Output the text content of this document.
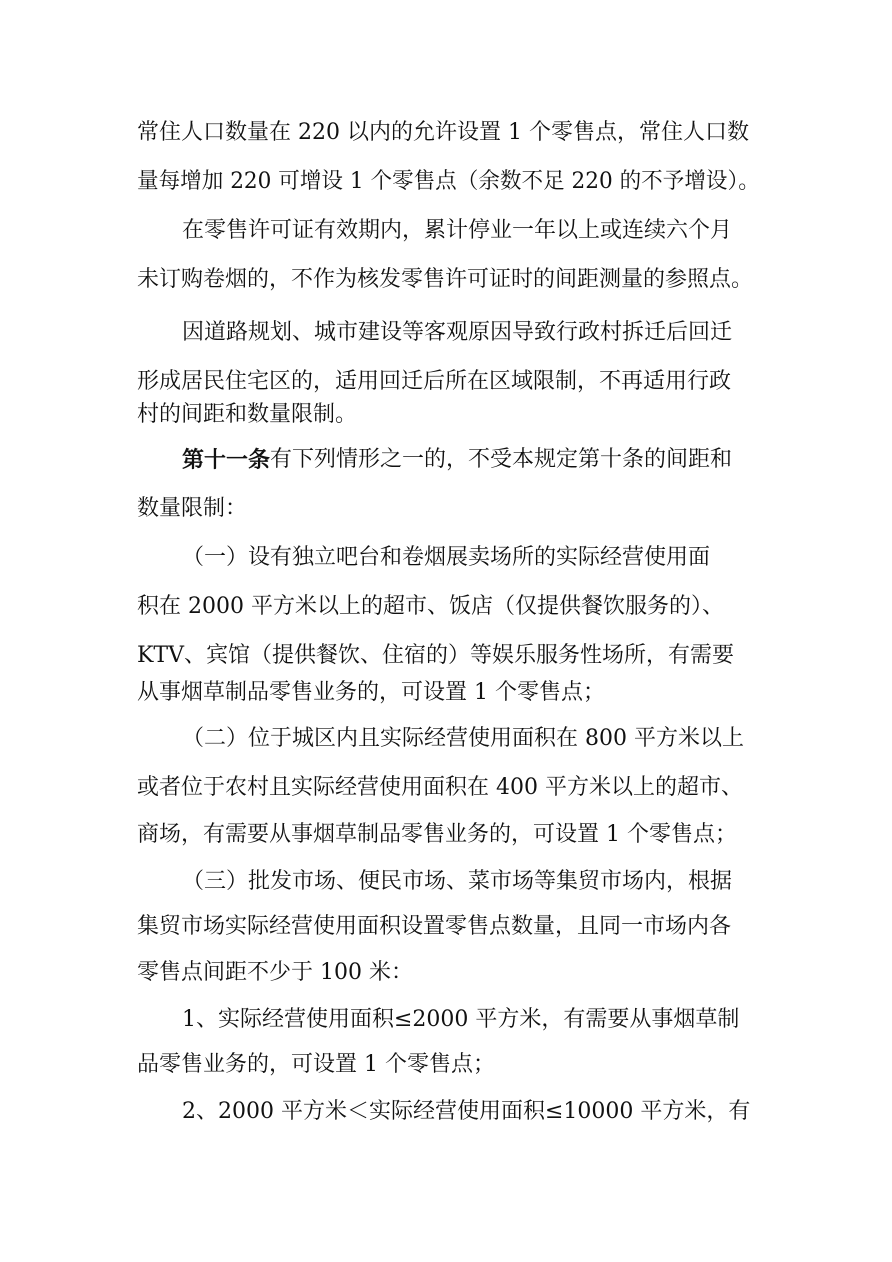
常住人口数量在 220 以内的允许设置 1 个零售点，常住人口数
量每增加 220 可增设 1 个零售点（余数不足 220 的不予增设）。
在零售许可证有效期内，累计停业一年以上或连续六个月
未订购卷烟的，不作为核发零售许可证时的间距测量的参照点。
因道路规划、城市建设等客观原因导致行政村拆迁后回迁
形成居民住宅区的，适用回迁后所在区域限制，不再适用行政
村的间距和数量限制。
第十一条 有下列情形之一的，不受本规定第十条的间距和
数量限制：
（一）设有独立吧台和卷烟展卖场所的实际经营使用面
积在 2000 平方米以上的超市、饭店（仅提供餐饮服务的）、
KTV、宾馆（提供餐饮、住宿的）等娱乐服务性场所，有需要
从事烟草制品零售业务的，可设置 1 个零售点；
（二）位于城区内且实际经营使用面积在 800 平方米以上
或者位于农村且实际经营使用面积在 400 平方米以上的超市、
商场，有需要从事烟草制品零售业务的，可设置 1 个零售点；
（三）批发市场、便民市场、菜市场等集贸市场内，根据
集贸市场实际经营使用面积设置零售点数量，且同一市场内各
零售点间距不少于 100 米：
1、实际经营使用面积≤2000 平方米，有需要从事烟草制
品零售业务的，可设置 1 个零售点；
2、2000 平方米＜实际经营使用面积≤10000 平方米，有
